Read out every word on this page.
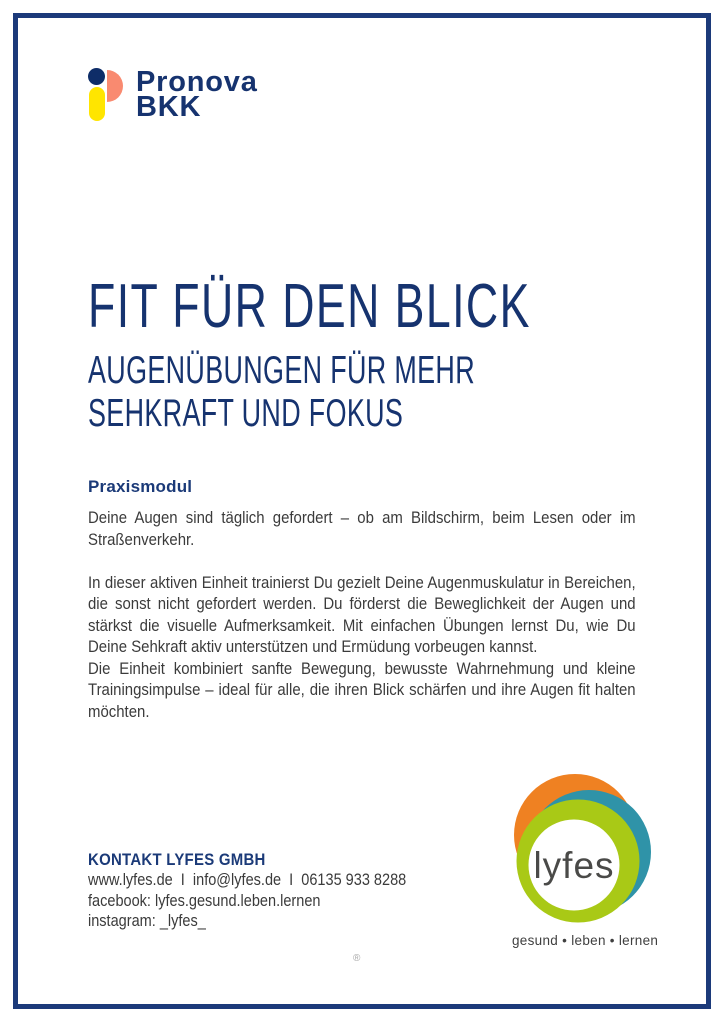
Pronova
BKK
FIT FÜR DEN BLICK
AUGENÜBUNGEN FÜR MEHR
SEHKRAFT UND FOKUS
Praxismodul

Deine Augen sind täglich gefordert – ob am Bildschirm, beim Lesen oder im Straßenverkehr.

In dieser aktiven Einheit trainierst Du gezielt Deine Augenmuskulatur in Bereichen, die sonst nicht gefordert werden. Du förderst die Beweglichkeit der Augen und stärkst die visuelle Aufmerksamkeit. Mit einfachen Übungen lernst Du, wie Du Deine Sehkraft aktiv unterstützen und Ermüdung vorbeugen kannst.

Die Einheit kombiniert sanfte Bewegung, bewusste Wahrnehmung und kleine Trainingsimpulse – ideal für alle, die ihren Blick schärfen und ihre Augen fit halten möchten.

KONTAKT LYFES GMBH
www.lyfes.de  I  info@lyfes.de  I  06135 933 8288
facebook: lyfes.gesund.leben.lernen
instagram: _lyfes_
lyfes
gesund • leben • lernen
®
